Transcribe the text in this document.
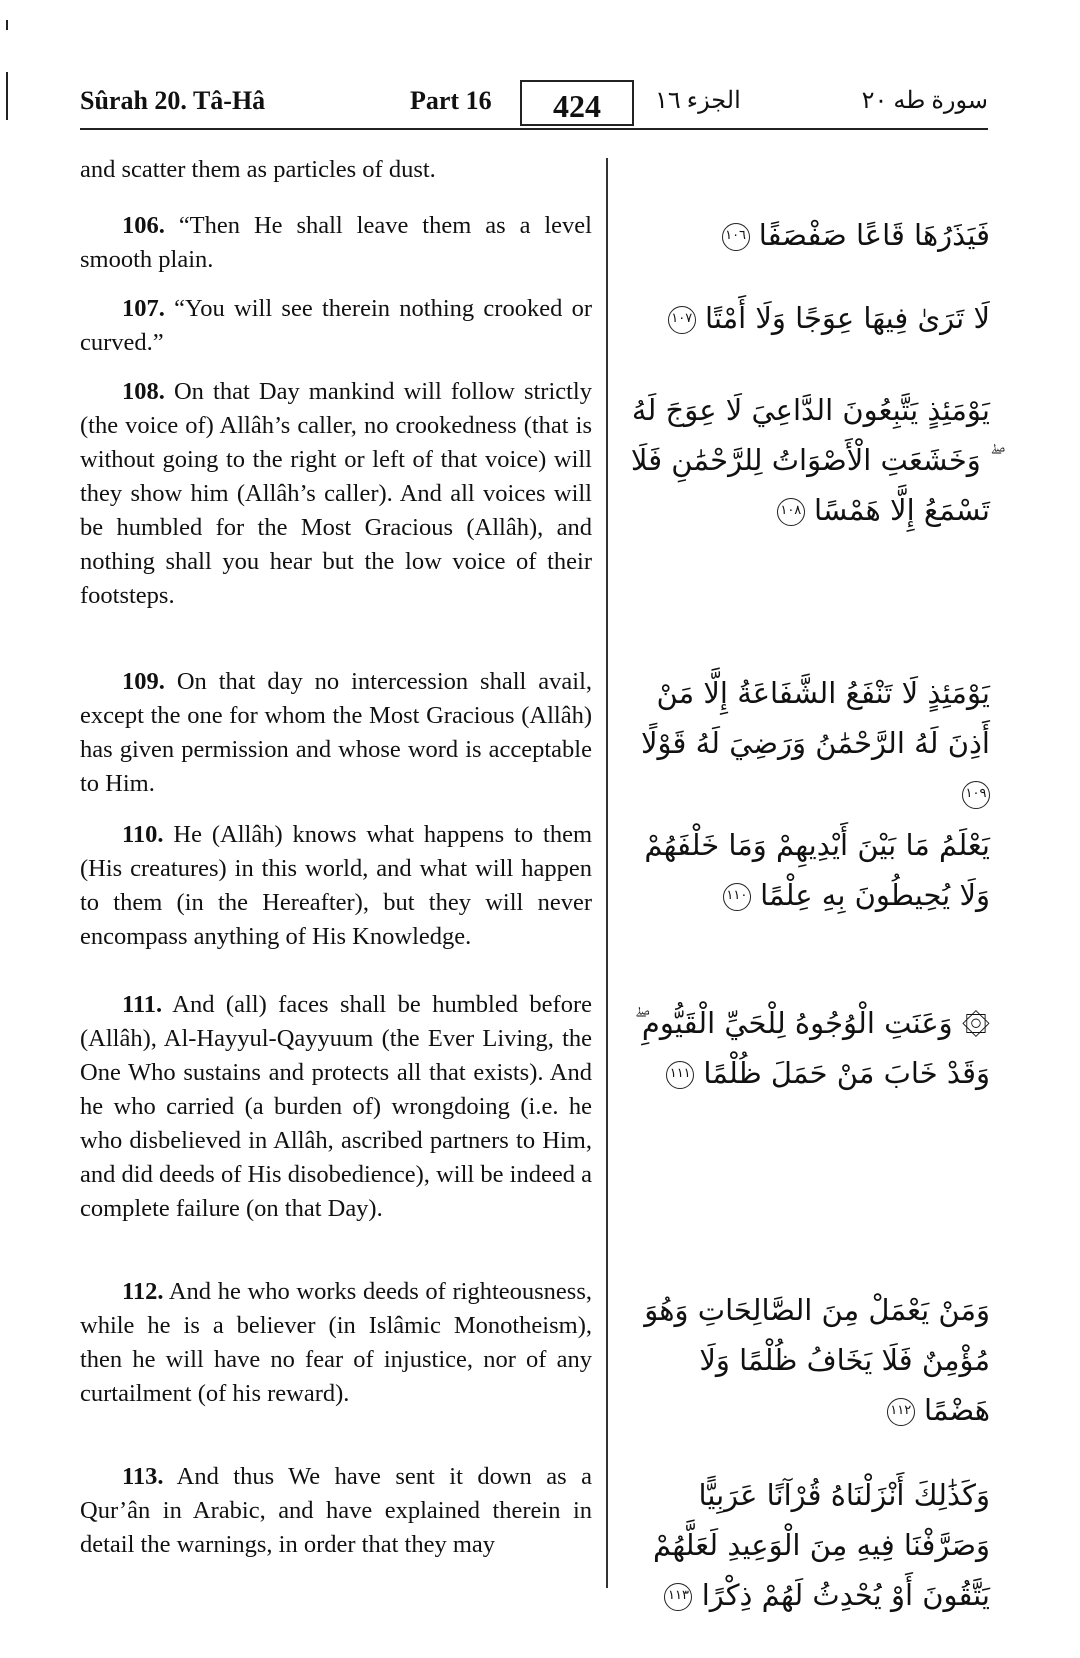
Sûrah 20. Tâ-Hâ	Part 16	424	الجزء ١٦	سورة طه ٢٠

and scatter them as particles of dust.

106. “Then He shall leave them as a level smooth plain.

107. “You will see therein nothing crooked or curved.”

108. On that Day mankind will follow strictly (the voice of) Allâh’s caller, no crookedness (that is without going to the right or left of that voice) will they show him (Allâh’s caller). And all voices will be humbled for the Most Gracious (Allâh), and nothing shall you hear but the low voice of their footsteps.

109. On that day no intercession shall avail, except the one for whom the Most Gracious (Allâh) has given permission and whose word is acceptable to Him.

110. He (Allâh) knows what happens to them (His creatures) in this world, and what will happen to them (in the Hereafter), but they will never encompass anything of His Knowledge.

111. And (all) faces shall be humbled before (Allâh), Al-Hayyul-Qayyuum (the Ever Living, the One Who sustains and protects all that exists). And he who carried (a burden of) wrongdoing (i.e. he who disbelieved in Allâh, ascribed partners to Him, and did deeds of His disobedience), will be indeed a complete failure (on that Day).

112. And he who works deeds of righteousness, while he is a believer (in Islâmic Monotheism), then he will have no fear of injustice, nor of any curtailment (of his reward).

113. And thus We have sent it down as a Qur’ân in Arabic, and have explained therein in detail the warnings, in order that they may

فَيَذَرُهَا قَاعًا صَفْصَفًا ١٠٦
لَا تَرَىٰ فِيهَا عِوَجًا وَلَا أَمْتًا ١٠٧
يَوْمَئِذٍ يَتَّبِعُونَ الدَّاعِيَ لَا عِوَجَ لَهُ ۖ وَخَشَعَتِ الْأَصْوَاتُ لِلرَّحْمَٰنِ فَلَا تَسْمَعُ إِلَّا هَمْسًا ١٠٨
يَوْمَئِذٍ لَا تَنْفَعُ الشَّفَاعَةُ إِلَّا مَنْ أَذِنَ لَهُ الرَّحْمَٰنُ وَرَضِيَ لَهُ قَوْلًا ١٠٩
يَعْلَمُ مَا بَيْنَ أَيْدِيهِمْ وَمَا خَلْفَهُمْ وَلَا يُحِيطُونَ بِهِ عِلْمًا ١١٠
۞ وَعَنَتِ الْوُجُوهُ لِلْحَيِّ الْقَيُّومِ ۖ وَقَدْ خَابَ مَنْ حَمَلَ ظُلْمًا ١١١
وَمَنْ يَعْمَلْ مِنَ الصَّالِحَاتِ وَهُوَ مُؤْمِنٌ فَلَا يَخَافُ ظُلْمًا وَلَا هَضْمًا ١١٢
وَكَذَٰلِكَ أَنْزَلْنَاهُ قُرْآنًا عَرَبِيًّا وَصَرَّفْنَا فِيهِ مِنَ الْوَعِيدِ لَعَلَّهُمْ يَتَّقُونَ أَوْ يُحْدِثُ لَهُمْ ذِكْرًا ١١٣
